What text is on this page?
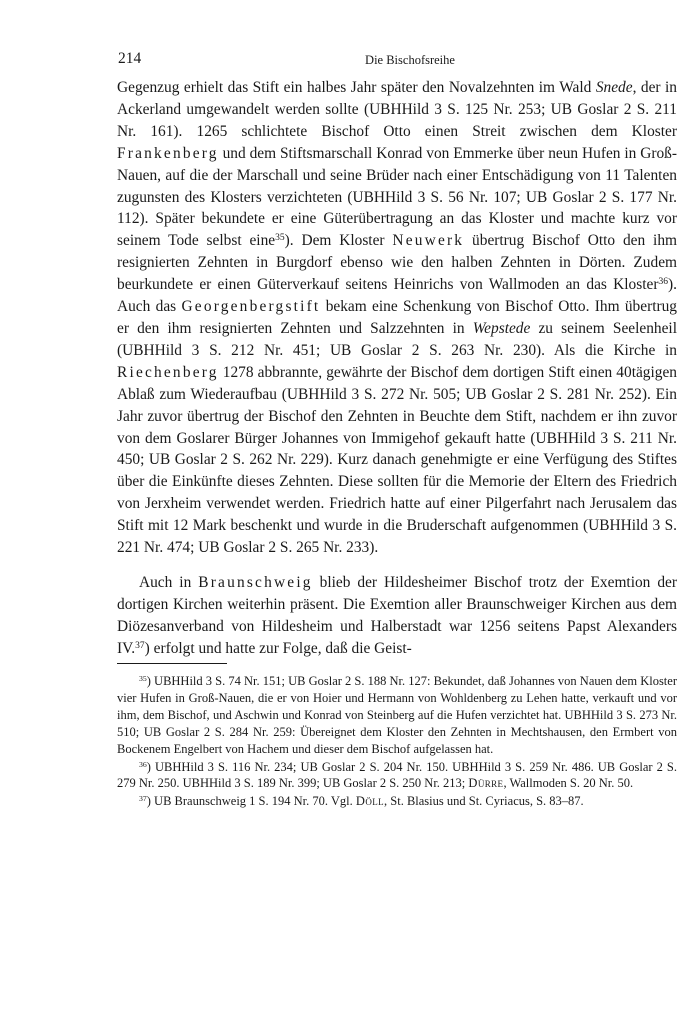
214	Die Bischofsreihe

Gegenzug erhielt das Stift ein halbes Jahr später den Novalzehnten im Wald Snede, der in Ackerland umgewandelt werden sollte (UBHHild 3 S. 125 Nr. 253; UB Goslar 2 S. 211 Nr. 161). 1265 schlichtete Bischof Otto einen Streit zwischen dem Kloster Frankenberg und dem Stiftsmarschall Konrad von Emmerke über neun Hufen in Groß-Nauen, auf die der Marschall und seine Brüder nach einer Entschädigung von 11 Talenten zugunsten des Klosters verzichteten (UBHHild 3 S. 56 Nr. 107; UB Goslar 2 S. 177 Nr. 112). Später bekundete er eine Güterübertragung an das Kloster und machte kurz vor seinem Tode selbst eine$^{35}$). Dem Kloster Neuwerk übertrug Bischof Otto den ihm resignierten Zehnten in Burgdorf ebenso wie den halben Zehnten in Dörten. Zudem beurkundete er einen Güterverkauf seitens Heinrichs von Wallmoden an das Kloster$^{36}$). Auch das Georgenbergstift bekam eine Schenkung von Bischof Otto. Ihm übertrug er den ihm resignierten Zehnten und Salzzehnten in Wepstede zu seinem Seelenheil (UBHHild 3 S. 212 Nr. 451; UB Goslar 2 S. 263 Nr. 230). Als die Kirche in Riechenberg 1278 abbrannte, gewährte der Bischof dem dortigen Stift einen 40tägigen Ablaß zum Wiederaufbau (UBHHild 3 S. 272 Nr. 505; UB Goslar 2 S. 281 Nr. 252). Ein Jahr zuvor übertrug der Bischof den Zehnten in Beuchte dem Stift, nachdem er ihn zuvor von dem Goslarer Bürger Johannes von Immigehof gekauft hatte (UBHHild 3 S. 211 Nr. 450; UB Goslar 2 S. 262 Nr. 229). Kurz danach genehmigte er eine Verfügung des Stiftes über die Einkünfte dieses Zehnten. Diese sollten für die Memorie der Eltern des Friedrich von Jerxheim verwendet werden. Friedrich hatte auf einer Pilgerfahrt nach Jerusalem das Stift mit 12 Mark beschenkt und wurde in die Bruderschaft aufgenommen (UBHHild 3 S. 221 Nr. 474; UB Goslar 2 S. 265 Nr. 233).

Auch in Braunschweig blieb der Hildesheimer Bischof trotz der Exemtion der dortigen Kirchen weiterhin präsent. Die Exemtion aller Braunschweiger Kirchen aus dem Diözesanverband von Hildesheim und Halberstadt war 1256 seitens Papst Alexanders IV.$^{37}$) erfolgt und hatte zur Folge, daß die Geist-

$^{35}$) UBHHild 3 S. 74 Nr. 151; UB Goslar 2 S. 188 Nr. 127: Bekundet, daß Johannes von Nauen dem Kloster vier Hufen in Groß-Nauen, die er von Hoier und Hermann von Wohldenberg zu Lehen hatte, verkauft und vor ihm, dem Bischof, und Aschwin und Konrad von Steinberg auf die Hufen verzichtet hat. UBHHild 3 S. 273 Nr. 510; UB Goslar 2 S. 284 Nr. 259: Übereignet dem Kloster den Zehnten in Mechtshausen, den Ermbert von Bockenem Engelbert von Hachem und dieser dem Bischof aufgelassen hat.

$^{36}$) UBHHild 3 S. 116 Nr. 234; UB Goslar 2 S. 204 Nr. 150. UBHHild 3 S. 259 Nr. 486. UB Goslar 2 S. 279 Nr. 250. UBHHild 3 S. 189 Nr. 399; UB Goslar 2 S. 250 Nr. 213; Dürre, Wallmoden S. 20 Nr. 50.

$^{37}$) UB Braunschweig 1 S. 194 Nr. 70. Vgl. Döll, St. Blasius und St. Cyriacus, S. 83–87.
